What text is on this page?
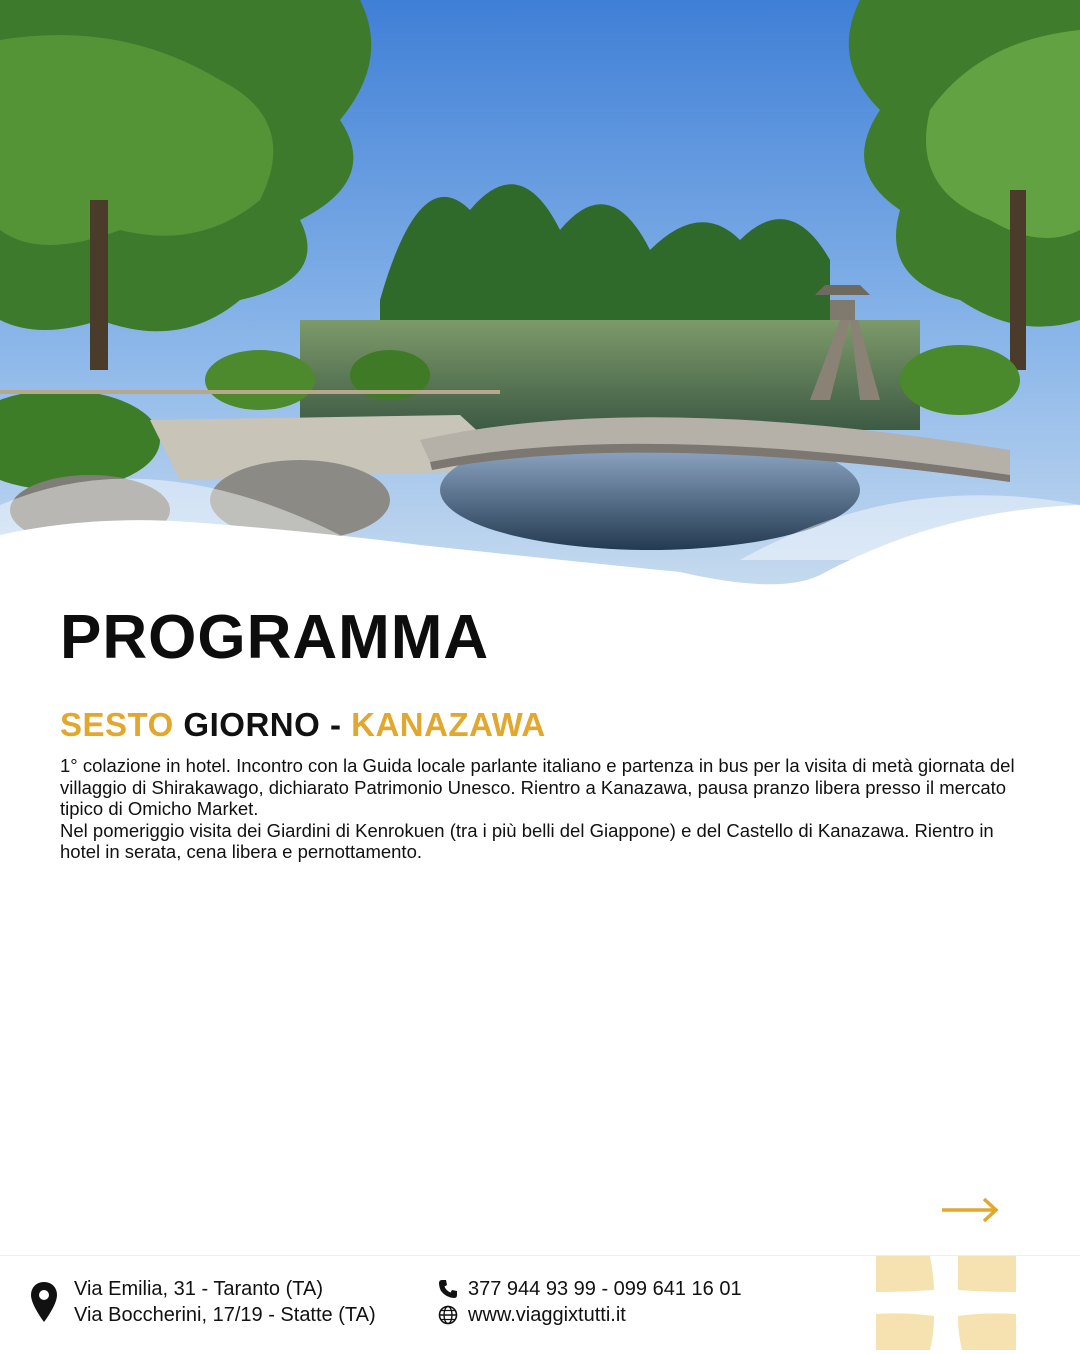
PROGRAMMA
SESTO GIORNO - KANAZAWA

1° colazione in hotel. Incontro con la Guida locale parlante italiano e partenza in bus per la visita di metà giornata del villaggio di Shirakawago, dichiarato Patrimonio Unesco. Rientro a Kanazawa, pausa pranzo libera presso il mercato tipico di Omicho Market.

Nel pomeriggio visita dei Giardini di Kenrokuen (tra i più belli del Giappone) e del Castello di Kanazawa. Rientro in hotel in serata, cena libera e pernottamento.

Via Emilia, 31 - Taranto (TA)
Via Boccherini, 17/19 - Statte (TA)
377 944 93 99 - 099 641 16 01
www.viaggixtutti.it
